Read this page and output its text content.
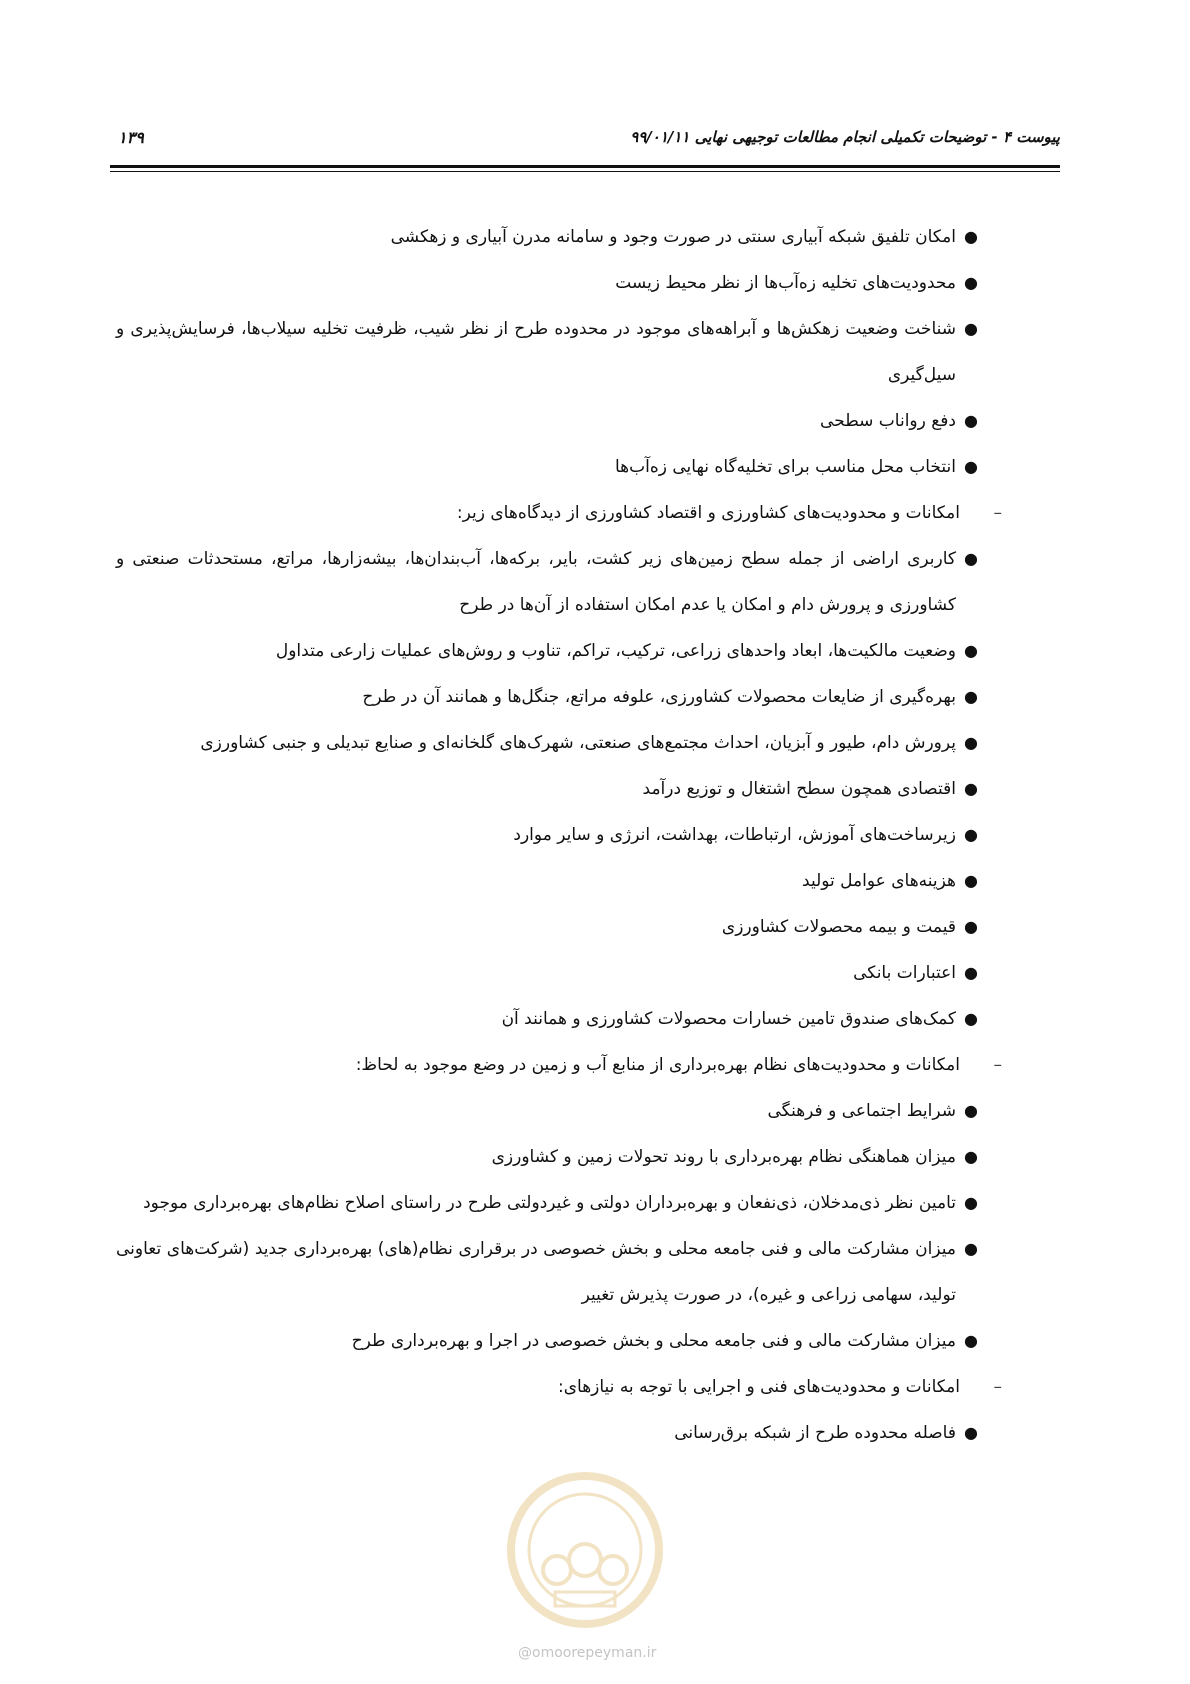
پیوست ۴ - توضیحات تکمیلی انجام مطالعات توجیهی نهایی ۹۹/۰۱/۱۱
۱۳۹
●
امکان تلفیق شبکه آبیاری سنتی در صورت وجود و سامانه مدرن آبیاری و زهکشی
●
محدودیت‌های تخلیه زه‌آب‌ها از نظر محیط زیست
●
شناخت وضعیت زهکش‌ها و آبراهه‌های موجود در محدوده طرح از نظر شیب، ظرفیت تخلیه سیلاب‌ها، فرسایش‌پذیری و سیل‌گیری
●
دفع رواناب سطحی
●
انتخاب محل مناسب برای تخلیه‌گاه نهایی زه‌آب‌ها
–
امکانات و محدودیت‌های کشاورزی و اقتصاد کشاورزی از دیدگاه‌های زیر:
●
کاربری اراضی از جمله سطح زمین‌های زیر کشت، بایر، برکه‌ها، آب‌بندان‌ها، بیشه‌زارها، مراتع، مستحدثات صنعتی و کشاورزی و پرورش دام و امکان یا عدم امکان استفاده از آن‌ها در طرح
●
وضعیت مالکیت‌ها، ابعاد واحدهای زراعی، ترکیب، تراکم، تناوب و روش‌های عملیات زارعی متداول
●
بهره‌گیری از ضایعات محصولات کشاورزی، علوفه مراتع، جنگل‌ها و همانند آن در طرح
●
پرورش دام، طیور و آبزیان، احداث مجتمع‌های صنعتی، شهرک‌های گلخانه‌ای و صنایع تبدیلی و جنبی کشاورزی
●
اقتصادی همچون سطح اشتغال و توزیع درآمد
●
زیرساخت‌های آموزش، ارتباطات، بهداشت، انرژی و سایر موارد
●
هزینه‌های عوامل تولید
●
قیمت و بیمه محصولات کشاورزی
●
اعتبارات بانکی
●
کمک‌های صندوق تامین خسارات محصولات کشاورزی و همانند آن
–
امکانات و محدودیت‌های نظام بهره‌برداری از منابع آب و زمین در وضع موجود به لحاظ:
●
شرایط اجتماعی و فرهنگی
●
میزان هماهنگی نظام بهره‌برداری با روند تحولات زمین و کشاورزی
●
تامین نظر ذی‌مدخلان، ذی‌نفعان و بهره‌برداران دولتی و غیردولتی طرح در راستای اصلاح نظام‌های بهره‌برداری موجود
●
میزان مشارکت مالی و فنی جامعه محلی و بخش خصوصی در برقراری نظام(های) بهره‌برداری جدید (شرکت‌های تعاونی تولید، سهامی زراعی و غیره)، در صورت پذیرش تغییر
●
میزان مشارکت مالی و فنی جامعه محلی و بخش خصوصی در اجرا و بهره‌برداری طرح
–
امکانات و محدودیت‌های فنی و اجرایی با توجه به نیازهای:
●
فاصله محدوده طرح از شبکه برق‌رسانی
@omoorepeyman.ir
